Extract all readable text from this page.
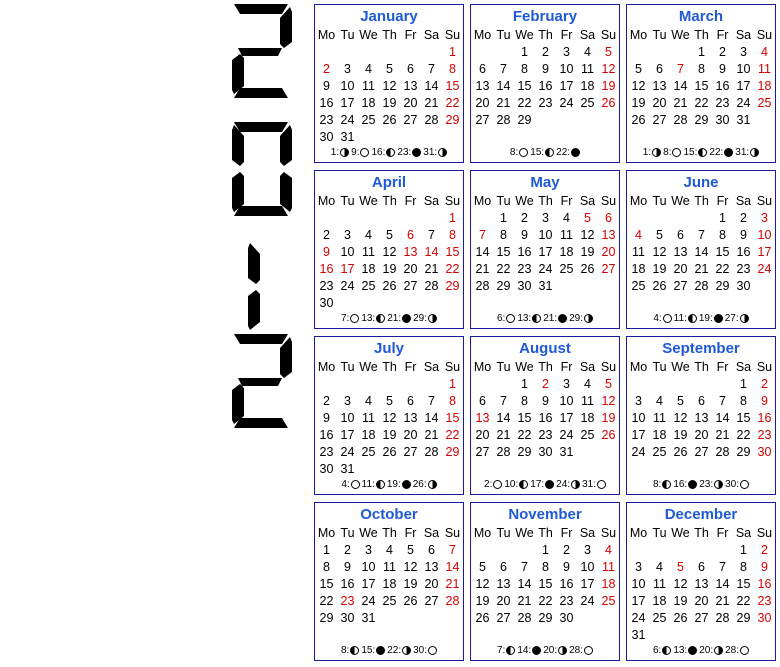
2012
January
Mo	Tu	We	Th	Fr	Sa	Su
						1
2	3	4	5	6	7	8
9	10	11	12	13	14	15
16	17	18	19	20	21	22
23	24	25	26	27	28	29
30	31					
1: 9: 16: 23: 31:
February
Mo	Tu	We	Th	Fr	Sa	Su
		1	2	3	4	5
6	7	8	9	10	11	12
13	14	15	16	17	18	19
20	21	22	23	24	25	26
27	28	29				
8: 15: 22:
March
Mo	Tu	We	Th	Fr	Sa	Su
			1	2	3	4
5	6	7	8	9	10	11
12	13	14	15	16	17	18
19	20	21	22	23	24	25
26	27	28	29	30	31	
1: 8: 15: 22: 31:
April
Mo	Tu	We	Th	Fr	Sa	Su
						1
2	3	4	5	6	7	8
9	10	11	12	13	14	15
16	17	18	19	20	21	22
23	24	25	26	27	28	29
30						
7: 13: 21: 29:
May
Mo	Tu	We	Th	Fr	Sa	Su
	1	2	3	4	5	6
7	8	9	10	11	12	13
14	15	16	17	18	19	20
21	22	23	24	25	26	27
28	29	30	31			
6: 13: 21: 29:
June
Mo	Tu	We	Th	Fr	Sa	Su
				1	2	3
4	5	6	7	8	9	10
11	12	13	14	15	16	17
18	19	20	21	22	23	24
25	26	27	28	29	30	
4: 11: 19: 27:
July
Mo	Tu	We	Th	Fr	Sa	Su
						1
2	3	4	5	6	7	8
9	10	11	12	13	14	15
16	17	18	19	20	21	22
23	24	25	26	27	28	29
30	31					
4: 11: 19: 26:
August
Mo	Tu	We	Th	Fr	Sa	Su
		1	2	3	4	5
6	7	8	9	10	11	12
13	14	15	16	17	18	19
20	21	22	23	24	25	26
27	28	29	30	31		
2: 10: 17: 24: 31:
September
Mo	Tu	We	Th	Fr	Sa	Su
					1	2
3	4	5	6	7	8	9
10	11	12	13	14	15	16
17	18	19	20	21	22	23
24	25	26	27	28	29	30
8: 16: 23: 30:
October
Mo	Tu	We	Th	Fr	Sa	Su
1	2	3	4	5	6	7
8	9	10	11	12	13	14
15	16	17	18	19	20	21
22	23	24	25	26	27	28
29	30	31				
8: 15: 22: 30:
November
Mo	Tu	We	Th	Fr	Sa	Su
			1	2	3	4
5	6	7	8	9	10	11
12	13	14	15	16	17	18
19	20	21	22	23	24	25
26	27	28	29	30		
7: 14: 20: 28:
December
Mo	Tu	We	Th	Fr	Sa	Su
					1	2
3	4	5	6	7	8	9
10	11	12	13	14	15	16
17	18	19	20	21	22	23
24	25	26	27	28	29	30
31						
6: 13: 20: 28:
